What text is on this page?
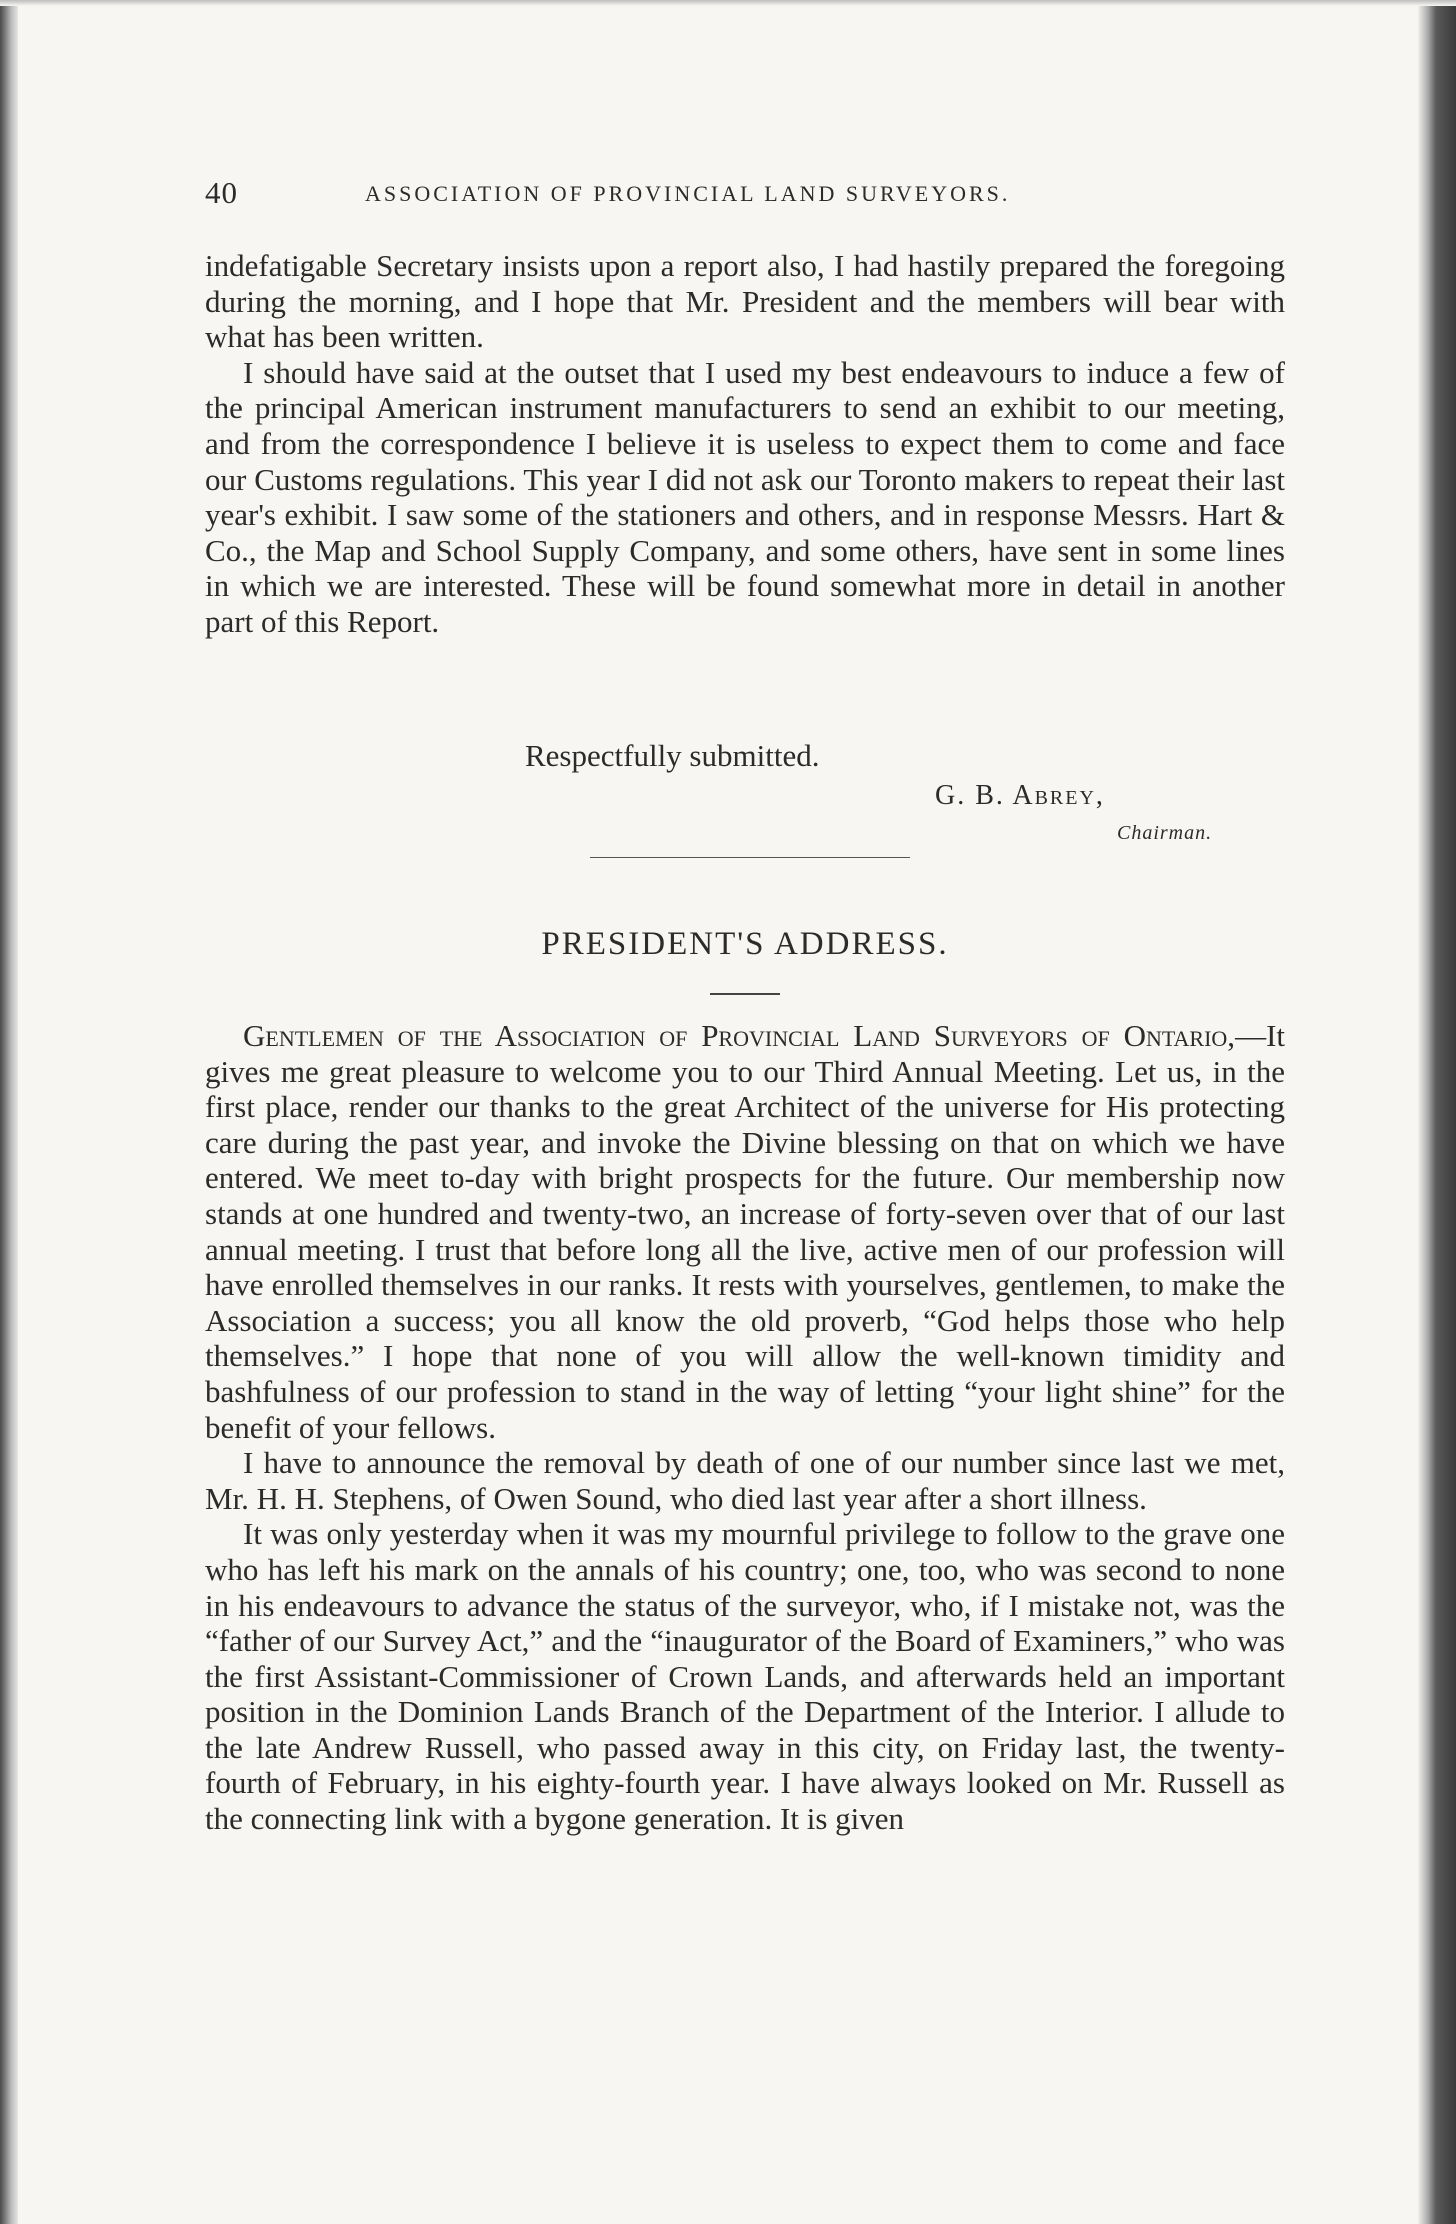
40	ASSOCIATION OF PROVINCIAL LAND SURVEYORS.

indefatigable Secretary insists upon a report also, I had hastily prepared the foregoing during the morning, and I hope that Mr. President and the members will bear with what has been written.

I should have said at the outset that I used my best endeavours to induce a few of the principal American instrument manufacturers to send an exhibit to our meeting, and from the correspondence I believe it is useless to expect them to come and face our Customs regulations. This year I did not ask our Toronto makers to repeat their last year's exhibit. I saw some of the stationers and others, and in response Messrs. Hart & Co., the Map and School Supply Company, and some others, have sent in some lines in which we are interested. These will be found somewhat more in detail in another part of this Report.

Respectfully submitted.
G. B. Abrey,
Chairman.
PRESIDENT'S ADDRESS.

Gentlemen of the Association of Provincial Land Surveyors of Ontario,—It gives me great pleasure to welcome you to our Third Annual Meeting. Let us, in the first place, render our thanks to the great Architect of the universe for His protecting care during the past year, and invoke the Divine blessing on that on which we have entered. We meet to-day with bright prospects for the future. Our membership now stands at one hundred and twenty-two, an increase of forty-seven over that of our last annual meeting. I trust that before long all the live, active men of our profession will have enrolled themselves in our ranks. It rests with yourselves, gentlemen, to make the Association a success; you all know the old proverb, “God helps those who help themselves.” I hope that none of you will allow the well-known timidity and bashfulness of our profession to stand in the way of letting “your light shine” for the benefit of your fellows.

I have to announce the removal by death of one of our number since last we met, Mr. H. H. Stephens, of Owen Sound, who died last year after a short illness.

It was only yesterday when it was my mournful privilege to follow to the grave one who has left his mark on the annals of his country; one, too, who was second to none in his endeavours to advance the status of the surveyor, who, if I mistake not, was the “father of our Survey Act,” and the “inaugurator of the Board of Examiners,” who was the first Assistant-Commissioner of Crown Lands, and afterwards held an important position in the Dominion Lands Branch of the Department of the Interior. I allude to the late Andrew Russell, who passed away in this city, on Friday last, the twenty-fourth of February, in his eighty-fourth year. I have always looked on Mr. Russell as the connecting link with a bygone generation. It is given
